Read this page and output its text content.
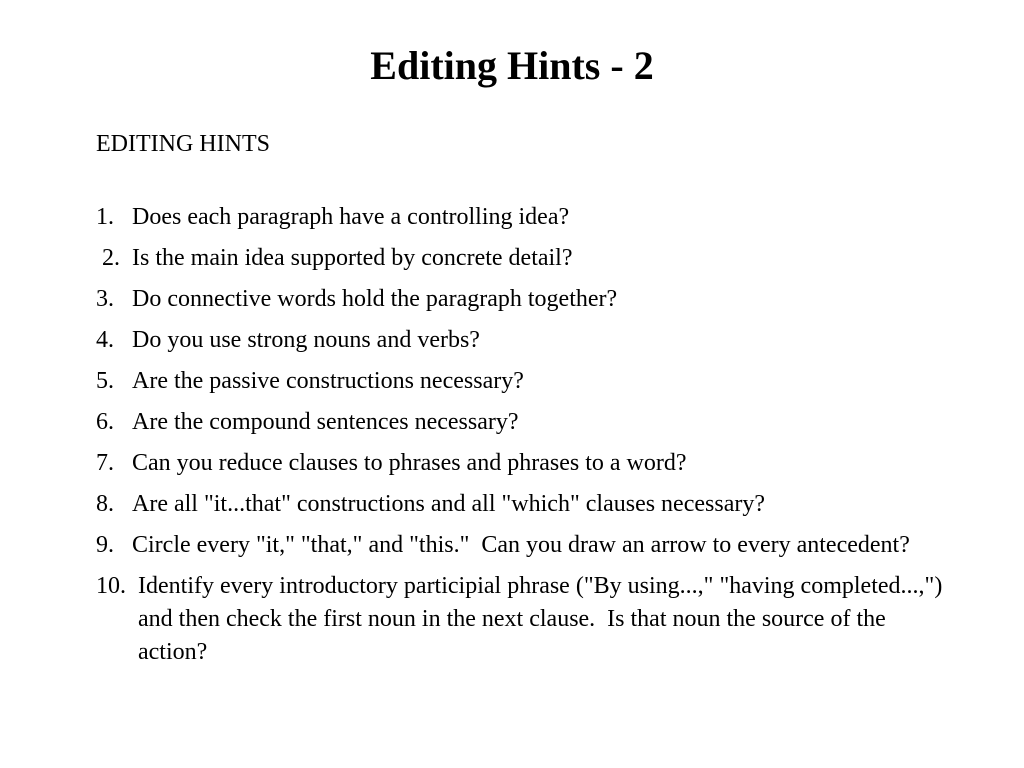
Editing Hints - 2
EDITING HINTS
1. Does each paragraph have a controlling idea?
2. Is the main idea supported by concrete detail?
3. Do connective words hold the paragraph together?
4. Do you use strong nouns and verbs?
5. Are the passive constructions necessary?
6. Are the compound sentences necessary?
7. Can you reduce clauses to phrases and phrases to a word?
8. Are all "it...that" constructions and all "which" clauses necessary?
9. Circle every "it," "that," and "this."  Can you draw an arrow to every antecedent?
10. Identify every introductory participial phrase ("By using...," "having completed...,") and then check the first noun in the next clause.  Is that noun the source of the action?
